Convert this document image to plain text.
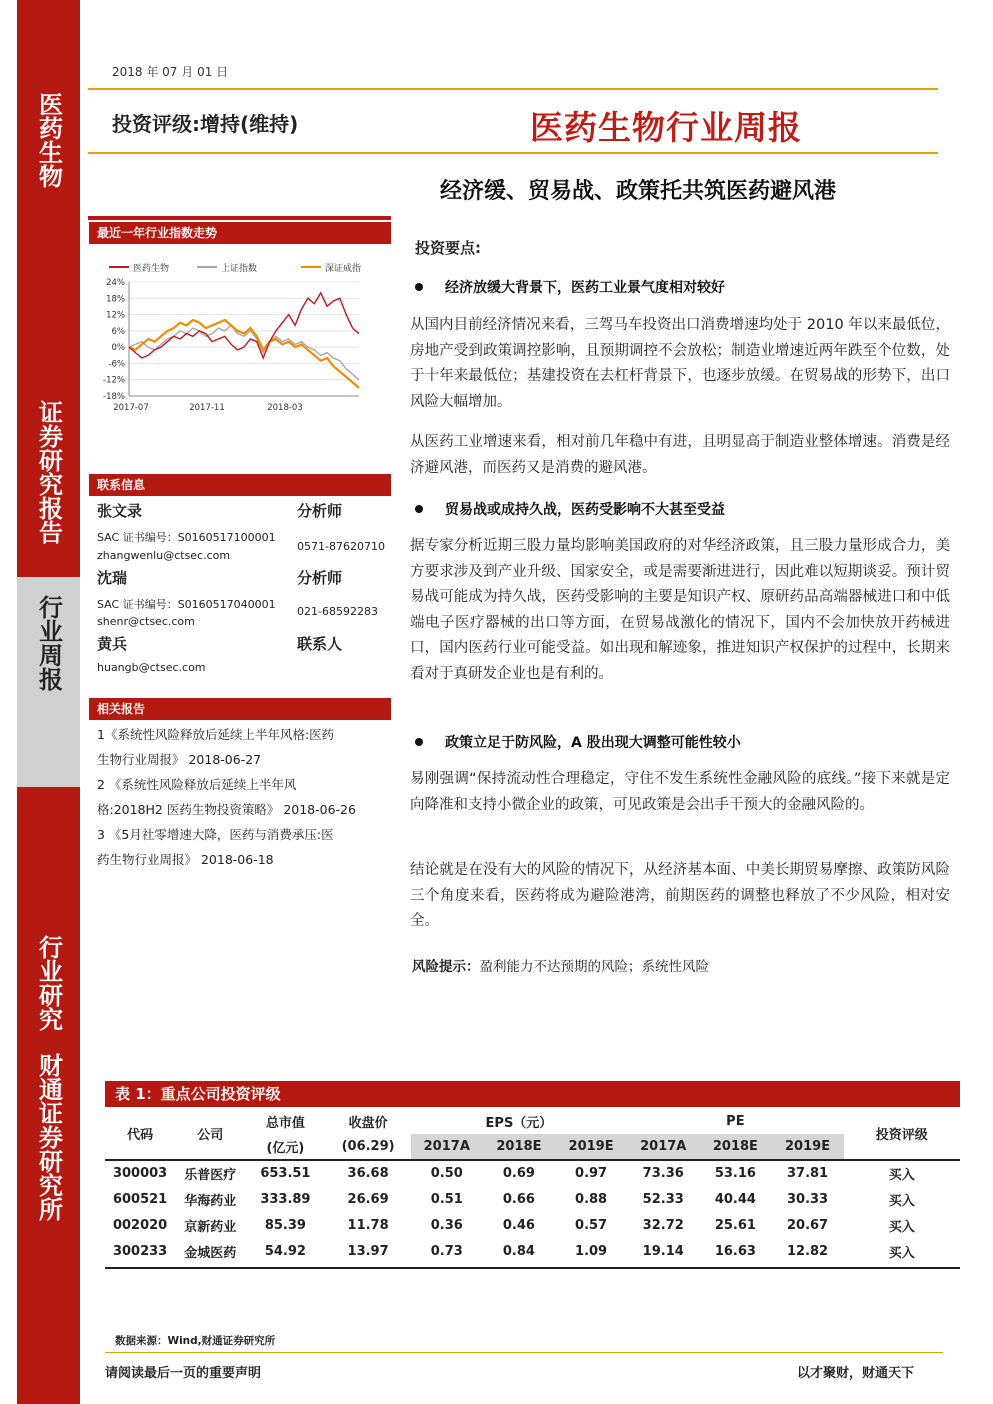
医药生物
证券研究报告
行业周报
行业研究
财通证券研究所
2018 年 07 月 01 日
投资评级:增持(维持)	医药生物行业周报
经济缓、贸易战、政策托共筑医药避风港
最近一年行业指数走势
医药生物	上证指数	深证成指
24%
18%
12%
6%
0%
-6%
-12%
-18%
2017-07	2017-11	2018-03
联系信息
张文录	分析师
SAC 证书编号：S0160517100001
0571-87620710
zhangwenlu@ctsec.com
沈瑞	分析师
SAC 证书编号：S0160517040001
021-68592283
shenr@ctsec.com
黄兵	联系人
huangb@ctsec.com
相关报告
1《系统性风险释放后延续上半年风格:医药
生物行业周报》 2018-06-27
2 《系统性风险释放后延续上半年风
格:2018H2 医药生物投资策略》 2018-06-26
3 《5月社零增速大降，医药与消费承压:医
药生物行业周报》 2018-06-18
投资要点:
经济放缓大背景下，医药工业景气度相对较好
从国内目前经济情况来看，三驾马车投资出口消费增速均处于 2010 年以来最低位，房地产受到政策调控影响，且预期调控不会放松；制造业增速近两年跌至个位数，处于十年来最低位；基建投资在去杠杆背景下，也逐步放缓。在贸易战的形势下，出口风险大幅增加。
从医药工业增速来看，相对前几年稳中有进，且明显高于制造业整体增速。消费是经济避风港，而医药又是消费的避风港。
贸易战或成持久战，医药受影响不大甚至受益
据专家分析近期三股力量均影响美国政府的对华经济政策，且三股力量形成合力，美方要求涉及到产业升级、国家安全，或是需要渐进进行，因此难以短期谈妥。预计贸易战可能成为持久战，医药受影响的主要是知识产权、原研药品高端器械进口和中低端电子医疗器械的出口等方面，在贸易战激化的情况下，国内不会加快放开药械进口，国内医药行业可能受益。如出现和解迹象，推进知识产权保护的过程中，长期来看对于真研发企业也是有利的。
政策立足于防风险，A 股出现大调整可能性较小
易刚强调“保持流动性合理稳定，守住不发生系统性金融风险的底线。”接下来就是定向降准和支持小微企业的政策，可见政策是会出手干预大的金融风险的。
结论就是在没有大的风险的情况下，从经济基本面、中美长期贸易摩擦、政策防风险三个角度来看，医药将成为避险港湾，前期医药的调整也释放了不少风险，相对安全。
风险提示：盈利能力不达预期的风险；系统性风险
表 1：重点公司投资评级
代码	公司	总市值	收盘价	EPS（元）			PE			投资评级
		(亿元)	(06.29)	2017A	2018E	2019E	2017A	2018E	2019E	
300003	乐普医疗	653.51	36.68	0.50	0.69	0.97	73.36	53.16	37.81	买入
600521	华海药业	333.89	26.69	0.51	0.66	0.88	52.33	40.44	30.33	买入
002020	京新药业	85.39	11.78	0.36	0.46	0.57	32.72	25.61	20.67	买入
300233	金城医药	54.92	13.97	0.73	0.84	1.09	19.14	16.63	12.82	买入
数据来源：Wind,财通证券研究所
请阅读最后一页的重要声明	以才聚财，财通天下
